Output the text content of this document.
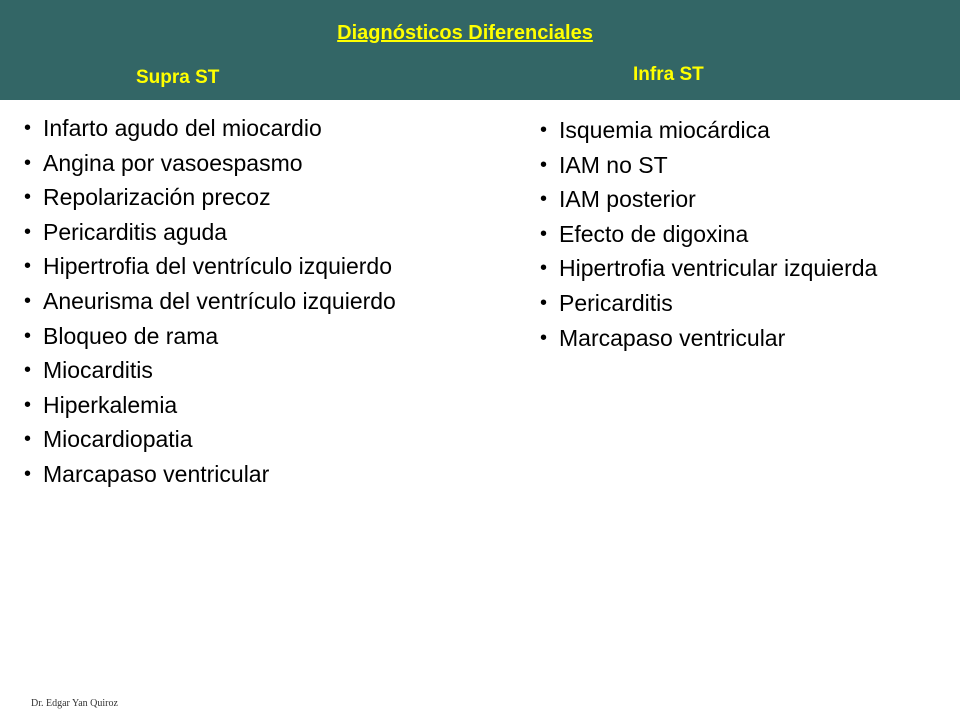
Diagnósticos Diferenciales
Supra ST	Infra ST
• Infarto agudo del miocardio
• Angina por vasoespasmo
• Repolarización precoz
• Pericarditis aguda
• Hipertrofia del ventrículo izquierdo
• Aneurisma del ventrículo izquierdo
• Bloqueo de rama
• Miocarditis
• Hiperkalemia
• Miocardiopatia
• Marcapaso ventricular
• Isquemia miocárdica
• IAM no ST
• IAM posterior
• Efecto de digoxina
• Hipertrofia ventricular izquierda
• Pericarditis
• Marcapaso ventricular
Dr. Edgar Yan Quiroz
